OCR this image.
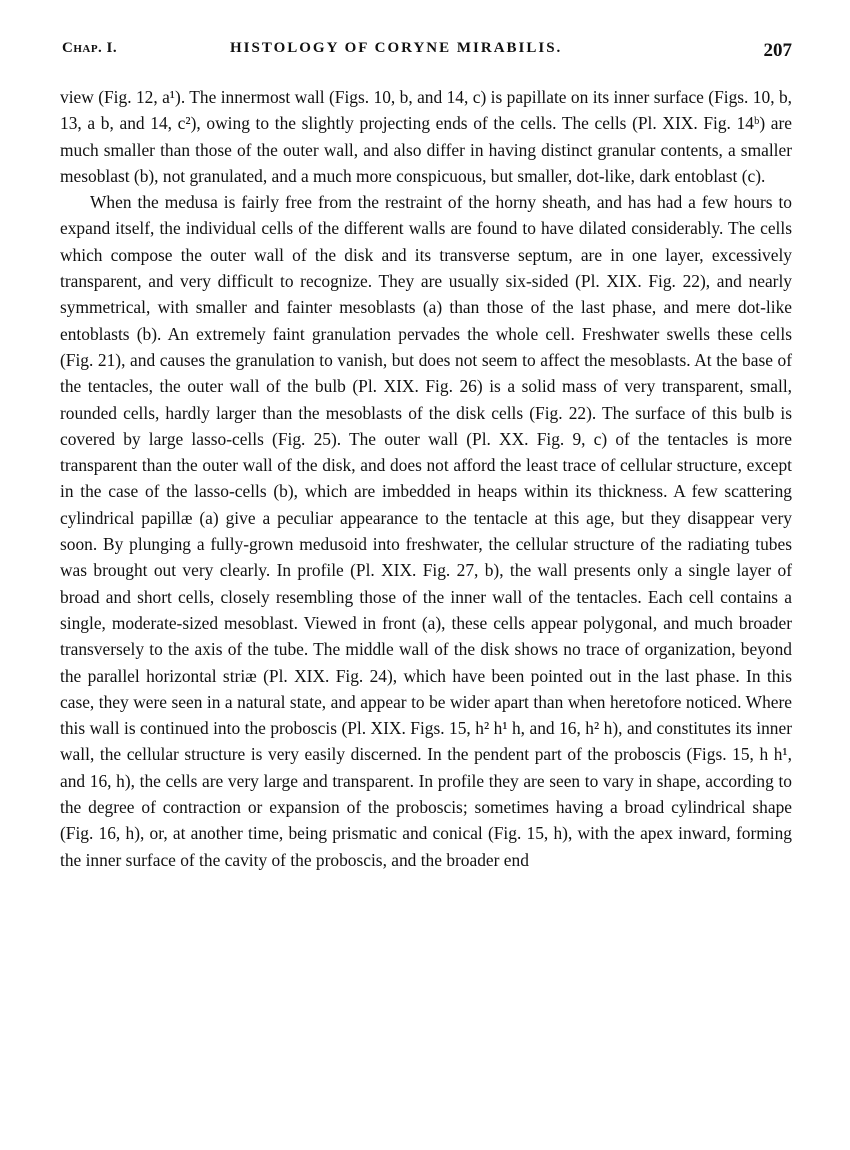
Chap. I.	HISTOLOGY OF CORYNE MIRABILIS.	207

view (Fig. 12, a¹). The innermost wall (Figs. 10, b, and 14, c) is papillate on its inner surface (Figs. 10, b, 13, a b, and 14, c²), owing to the slightly projecting ends of the cells. The cells (Pl. XIX. Fig. 14ᵇ) are much smaller than those of the outer wall, and also differ in having distinct granular contents, a smaller mesoblast (b), not granulated, and a much more conspicuous, but smaller, dot-like, dark entoblast (c).

When the medusa is fairly free from the restraint of the horny sheath, and has had a few hours to expand itself, the individual cells of the different walls are found to have dilated considerably. The cells which compose the outer wall of the disk and its transverse septum, are in one layer, excessively transparent, and very difficult to recognize. They are usually six-sided (Pl. XIX. Fig. 22), and nearly symmetrical, with smaller and fainter mesoblasts (a) than those of the last phase, and mere dot-like entoblasts (b). An extremely faint granulation pervades the whole cell. Freshwater swells these cells (Fig. 21), and causes the granulation to vanish, but does not seem to affect the mesoblasts. At the base of the tentacles, the outer wall of the bulb (Pl. XIX. Fig. 26) is a solid mass of very transparent, small, rounded cells, hardly larger than the mesoblasts of the disk cells (Fig. 22). The surface of this bulb is covered by large lasso-cells (Fig. 25). The outer wall (Pl. XX. Fig. 9, c) of the tentacles is more transparent than the outer wall of the disk, and does not afford the least trace of cellular structure, except in the case of the lasso-cells (b), which are imbedded in heaps within its thickness. A few scattering cylindrical papillæ (a) give a peculiar appearance to the tentacle at this age, but they disappear very soon. By plunging a fully-grown medusoid into freshwater, the cellular structure of the radiating tubes was brought out very clearly. In profile (Pl. XIX. Fig. 27, b), the wall presents only a single layer of broad and short cells, closely resembling those of the inner wall of the tentacles. Each cell contains a single, moderate-sized mesoblast. Viewed in front (a), these cells appear polygonal, and much broader transversely to the axis of the tube. The middle wall of the disk shows no trace of organization, beyond the parallel horizontal striæ (Pl. XIX. Fig. 24), which have been pointed out in the last phase. In this case, they were seen in a natural state, and appear to be wider apart than when heretofore noticed. Where this wall is continued into the proboscis (Pl. XIX. Figs. 15, h² h¹ h, and 16, h² h), and constitutes its inner wall, the cellular structure is very easily discerned. In the pendent part of the proboscis (Figs. 15, h h¹, and 16, h), the cells are very large and transparent. In profile they are seen to vary in shape, according to the degree of contraction or expansion of the proboscis; sometimes having a broad cylindrical shape (Fig. 16, h), or, at another time, being prismatic and conical (Fig. 15, h), with the apex inward, forming the inner surface of the cavity of the proboscis, and the broader end
